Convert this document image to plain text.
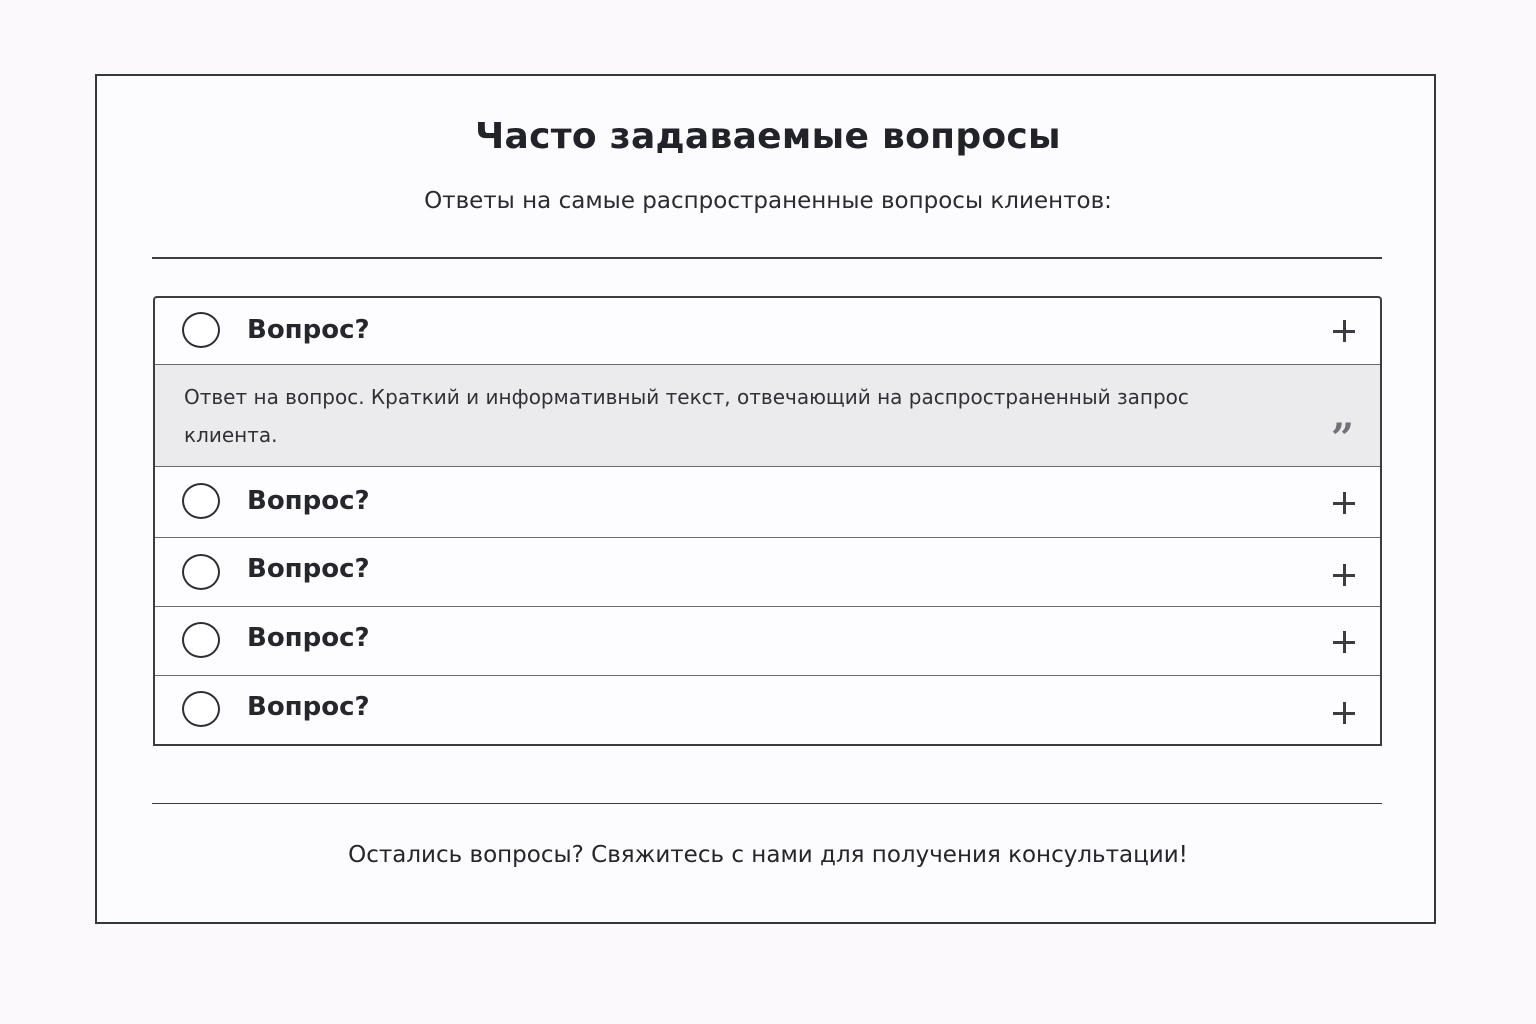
Часто задаваемые вопросы
Ответы на самые распространенные вопросы клиентов:
Вопрос?
Ответ на вопрос. Краткий и информативный текст, отвечающий на распространенный запрос клиента.	”
Вопрос?
Вопрос?
Вопрос?
Вопрос?
Остались вопросы? Свяжитесь с нами для получения консультации!
